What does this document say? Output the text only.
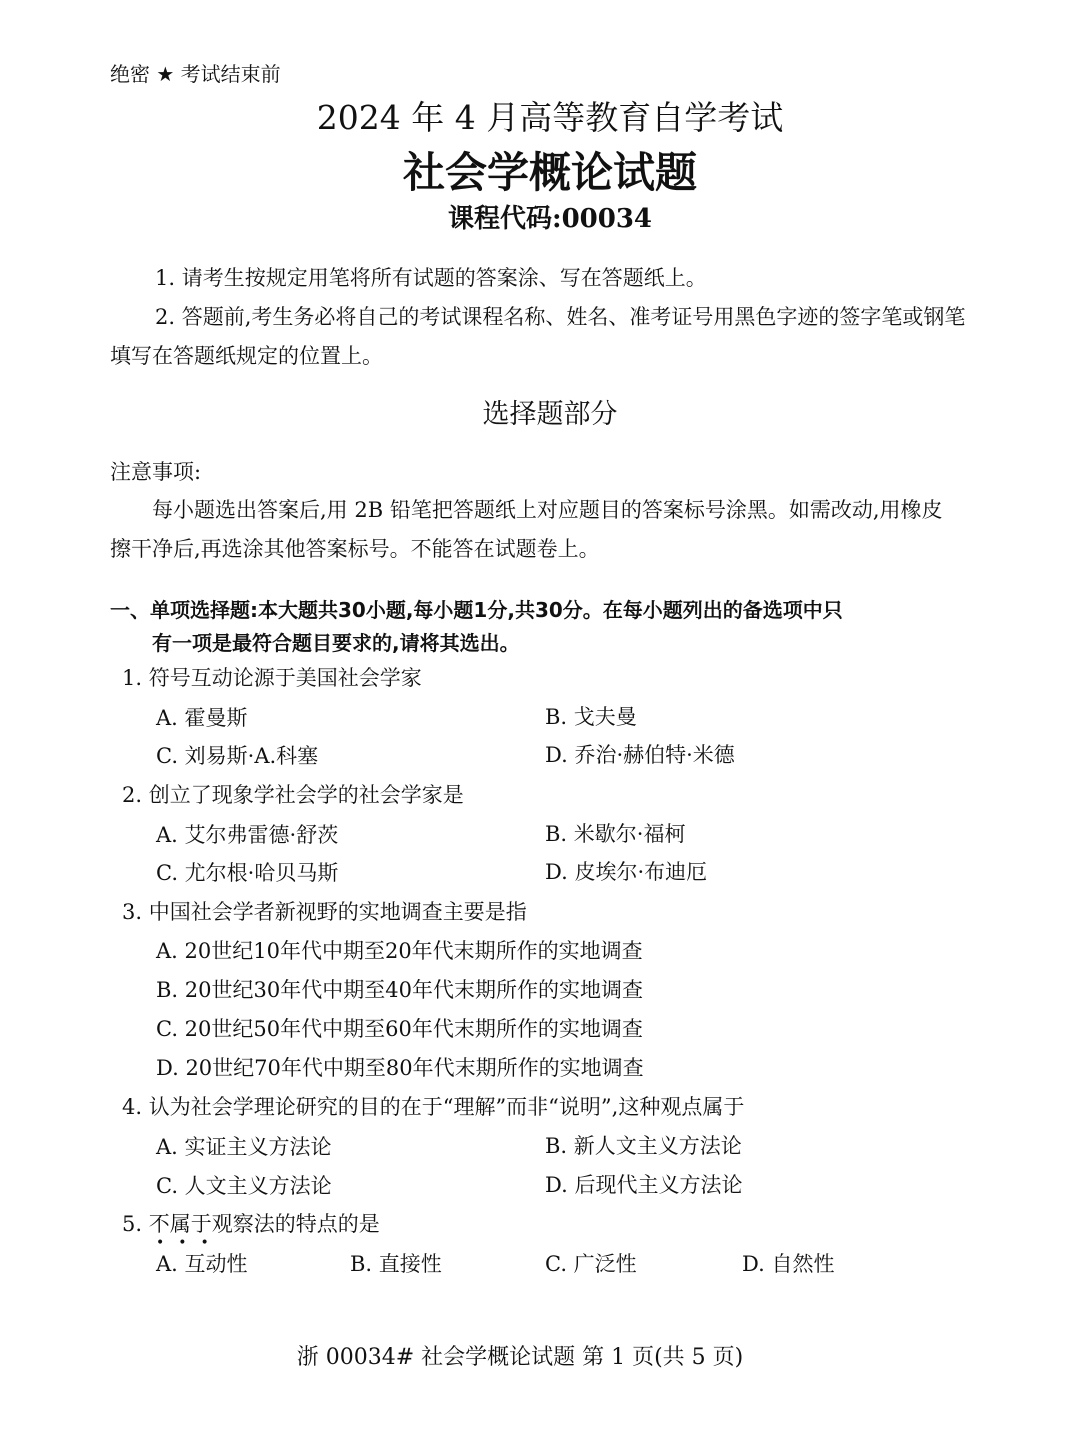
绝密 ★ 考试结束前
2024 年 4 月高等教育自学考试
社会学概论试题
课程代码:00034
1. 请考生按规定用笔将所有试题的答案涂、写在答题纸上。
2. 答题前,考生务必将自己的考试课程名称、姓名、准考证号用黑色字迹的签字笔或钢笔
填写在答题纸规定的位置上。
选择题部分
注意事项:
每小题选出答案后,用 2B 铅笔把答题纸上对应题目的答案标号涂黑。如需改动,用橡皮
擦干净后,再选涂其他答案标号。不能答在试题卷上。
一、单项选择题:本大题共30小题,每小题1分,共30分。在每小题列出的备选项中只
有一项是最符合题目要求的,请将其选出。
1. 符号互动论源于美国社会学家
A. 霍曼斯	B. 戈夫曼
C. 刘易斯·A.科塞	D. 乔治·赫伯特·米德
2. 创立了现象学社会学的社会学家是
A. 艾尔弗雷德·舒茨	B. 米歇尔·福柯
C. 尤尔根·哈贝马斯	D. 皮埃尔·布迪厄
3. 中国社会学者新视野的实地调查主要是指
A. 20世纪10年代中期至20年代末期所作的实地调查
B. 20世纪30年代中期至40年代末期所作的实地调查
C. 20世纪50年代中期至60年代末期所作的实地调查
D. 20世纪70年代中期至80年代末期所作的实地调查
4. 认为社会学理论研究的目的在于“理解”而非“说明”,这种观点属于
A. 实证主义方法论	B. 新人文主义方法论
C. 人文主义方法论	D. 后现代主义方法论
5. 不属于观察法的特点的是
•••
A. 互动性	B. 直接性	C. 广泛性	D. 自然性
浙 00034# 社会学概论试题 第 1 页(共 5 页)
